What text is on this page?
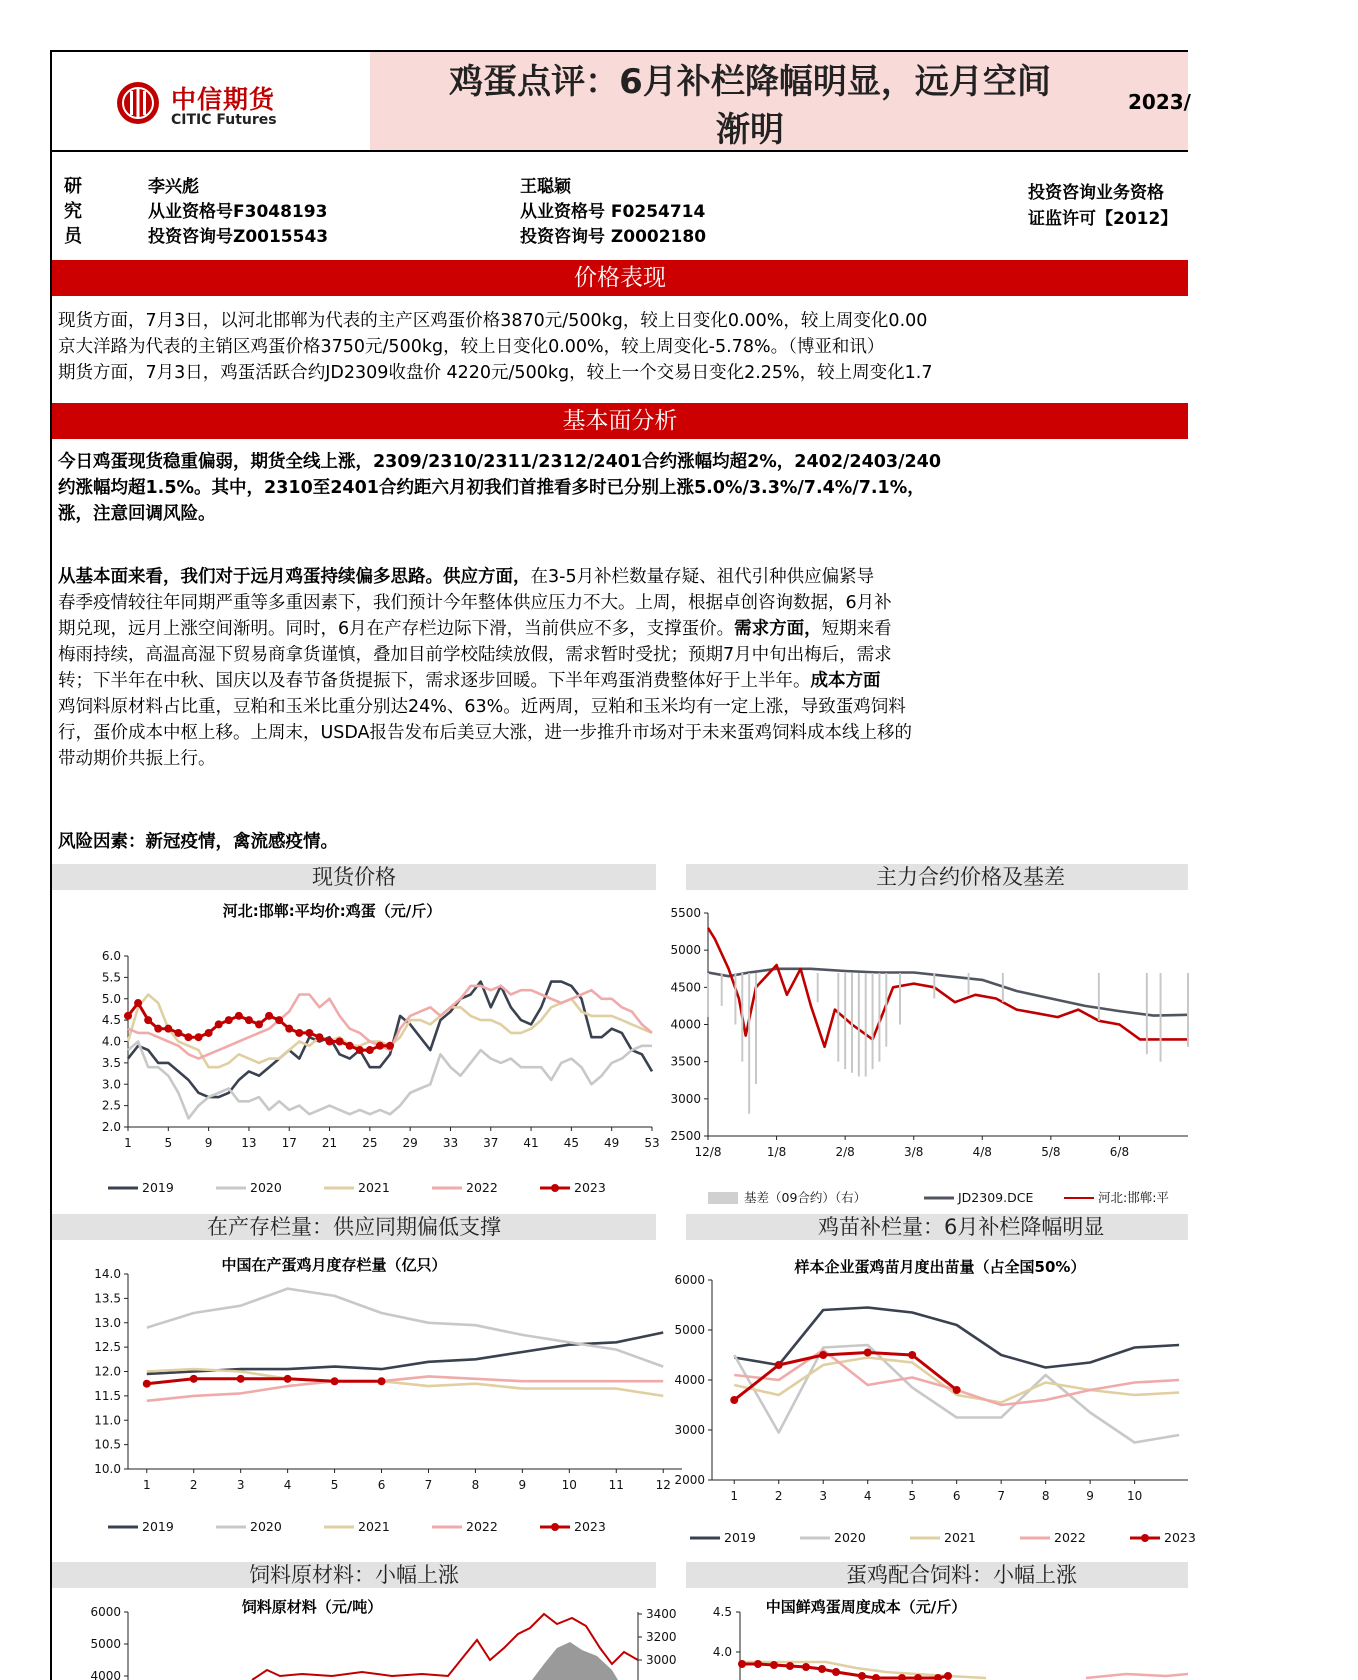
中信期货
CITIC Futures
鸡蛋点评：6月补栏降幅明显，远月空间
渐明
2023/
研
究
员
李兴彪
从业资格号F3048193
投资咨询号Z0015543
王聪颖
从业资格号 F0254714
投资咨询号 Z0002180
投资咨询业务资格
证监许可【2012】
价格表现
现货方面，7月3日，以河北邯郸为代表的主产区鸡蛋价格3870元/500kg，较上日变化0.00%，较上周变化0.00
京大洋路为代表的主销区鸡蛋价格3750元/500kg，较上日变化0.00%，较上周变化-5.78%。（博亚和讯）
期货方面，7月3日，鸡蛋活跃合约JD2309收盘价 4220元/500kg，较上一个交易日变化2.25%，较上周变化1.7
基本面分析
今日鸡蛋现货稳重偏弱，期货全线上涨，2309/2310/2311/2312/2401合约涨幅均超2%，2402/2403/240
约涨幅均超1.5%。其中，2310至2401合约距六月初我们首推看多时已分别上涨5.0%/3.3%/7.4%/7.1%，
涨，注意回调风险。
从基本面来看，我们对于远月鸡蛋持续偏多思路。供应方面，在3-5月补栏数量存疑、祖代引种供应偏紧导
春季疫情较往年同期严重等多重因素下，我们预计今年整体供应压力不大。上周，根据卓创咨询数据，6月补
期兑现，远月上涨空间渐明。同时，6月在产存栏边际下滑，当前供应不多，支撑蛋价。需求方面，短期来看
梅雨持续，高温高湿下贸易商拿货谨慎，叠加目前学校陆续放假，需求暂时受扰；预期7月中旬出梅后，需求
转；下半年在中秋、国庆以及春节备货提振下，需求逐步回暖。下半年鸡蛋消费整体好于上半年。成本方面
鸡饲料原材料占比重，豆粕和玉米比重分别达24%、63%。近两周，豆粕和玉米均有一定上涨，导致蛋鸡饲料
行，蛋价成本中枢上移。上周末，USDA报告发布后美豆大涨，进一步推升市场对于未来蛋鸡饲料成本线上移的
带动期价共振上行。
风险因素：新冠疫情，禽流感疫情。
现货价格	主力合约价格及基差
在产存栏量：供应同期偏低支撑	鸡苗补栏量：6月补栏降幅明显
饲料原材料：小幅上涨	蛋鸡配合饲料：小幅上涨
河北:邯郸:平均价:鸡蛋（元/斤）
6.0
5.5
5.0
4.5
4.0
3.5
3.0
2.5
2.0
1	5	9 13 17 21 25 29 33 37 41 45 49 53
2019	2020	2021	2022	2023
5500
5000
4500
4000
3500
3000
2500
12/8	1/8	2/8	3/8	4/8	5/8	6/8
基差（09合约）（右）	JD2309.DCE	河北:邯郸:平
中国在产蛋鸡月度存栏量（亿只）
14.0
13.5
13.0
12.5
12.0
11.5
11.0
10.5
10.0
1	2	3	4	5	6	7	8	9	10	11	12
2019	2020	2021	2022	2023
样本企业蛋鸡苗月度出苗量（占全国50%）
6000
5000
4000
3000
2000
1	2	3	4	5	6	7	8	9	10
2019	2020	2021	2022	2023
饲料原材料（元/吨）
6000
5000
4000
3400
3200
3000
中国鲜鸡蛋周度成本（元/斤）
4.5
4.0
